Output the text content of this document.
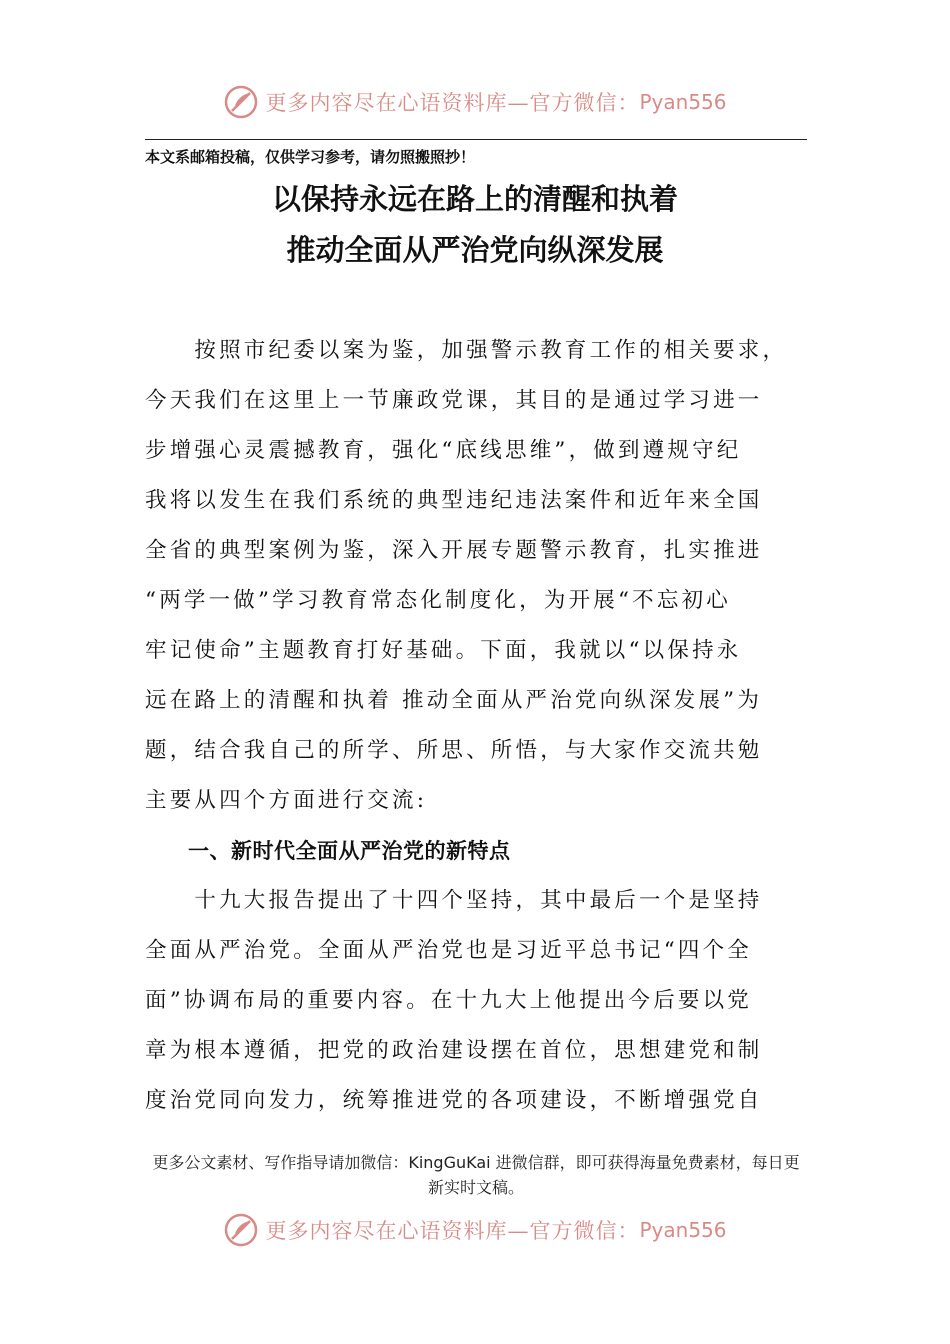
更多内容尽在心语资料库—官方微信： Pyan556
本文系邮箱投稿，仅供学习参考，请勿照搬照抄！
以保持永远在路上的清醒和执着
推动全面从严治党向纵深发展
　　按照市纪委以案为鉴，加强警示教育工作的相关要求，
今天我们在这里上一节廉政党课，其目的是通过学习进一
步增强心灵震撼教育，强化“底线思维”，做到遵规守纪
我将以发生在我们系统的典型违纪违法案件和近年来全国
全省的典型案例为鉴，深入开展专题警示教育，扎实推进
“两学一做”学习教育常态化制度化，为开展“不忘初心
牢记使命”主题教育打好基础。下面，我就以“以保持永
远在路上的清醒和执着 推动全面从严治党向纵深发展”为
题，结合我自己的所学、所思、所悟，与大家作交流共勉
主要从四个方面进行交流:
　　一、新时代全面从严治党的新特点
　　十九大报告提出了十四个坚持，其中最后一个是坚持
全面从严治党。全面从严治党也是习近平总书记“四个全
面”协调布局的重要内容。在十九大上他提出今后要以党
章为根本遵循，把党的政治建设摆在首位，思想建党和制
度治党同向发力，统筹推进党的各项建设，不断增强党自
更多公文素材、写作指导请加微信：KingGuKai 进微信群，即可获得海量免费素材，每日更新实时文稿。
更多内容尽在心语资料库—官方微信： Pyan556
